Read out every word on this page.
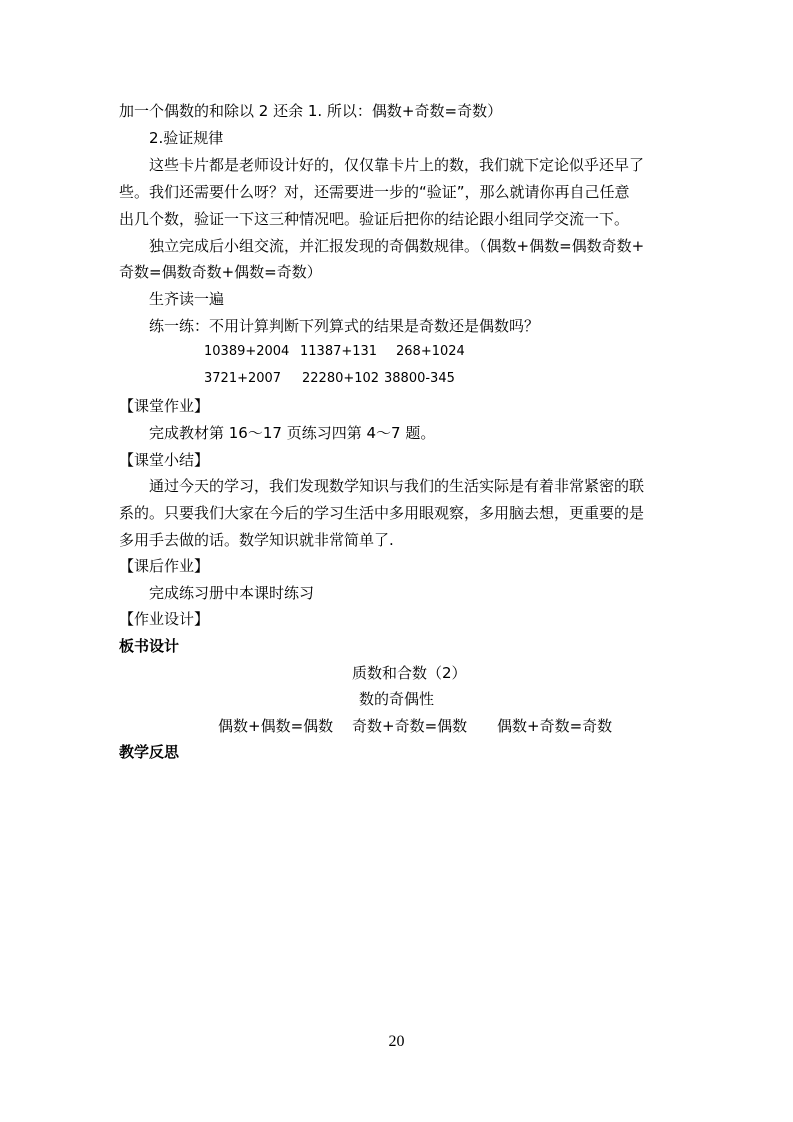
加一个偶数的和除以 2 还余 1. 所以：偶数+奇数=奇数）
2.验证规律
这些卡片都是老师设计好的，仅仅靠卡片上的数，我们就下定论似乎还早了
些。我们还需要什么呀？对，还需要进一步的“验证”，那么就请你再自己任意
出几个数，验证一下这三种情况吧。验证后把你的结论跟小组同学交流一下。
独立完成后小组交流，并汇报发现的奇偶数规律。（偶数+偶数=偶数奇数+
奇数=偶数奇数+偶数=奇数）
生齐读一遍
练一练：不用计算判断下列算式的结果是奇数还是偶数吗？
10389+2004 11387+131 268+1024
3721+2007 22280+102 38800-345
【课堂作业】
完成教材第 16～17 页练习四第 4～7 题。
【课堂小结】
通过今天的学习，我们发现数学知识与我们的生活实际是有着非常紧密的联
系的。只要我们大家在今后的学习生活中多用眼观察，多用脑去想，更重要的是
多用手去做的话。数学知识就非常简单了.
【课后作业】
完成练习册中本课时练习
【作业设计】
板书设计
质数和合数（2）
数的奇偶性
偶数+偶数=偶数 奇数+奇数=偶数 偶数+奇数=奇数
教学反思
20
